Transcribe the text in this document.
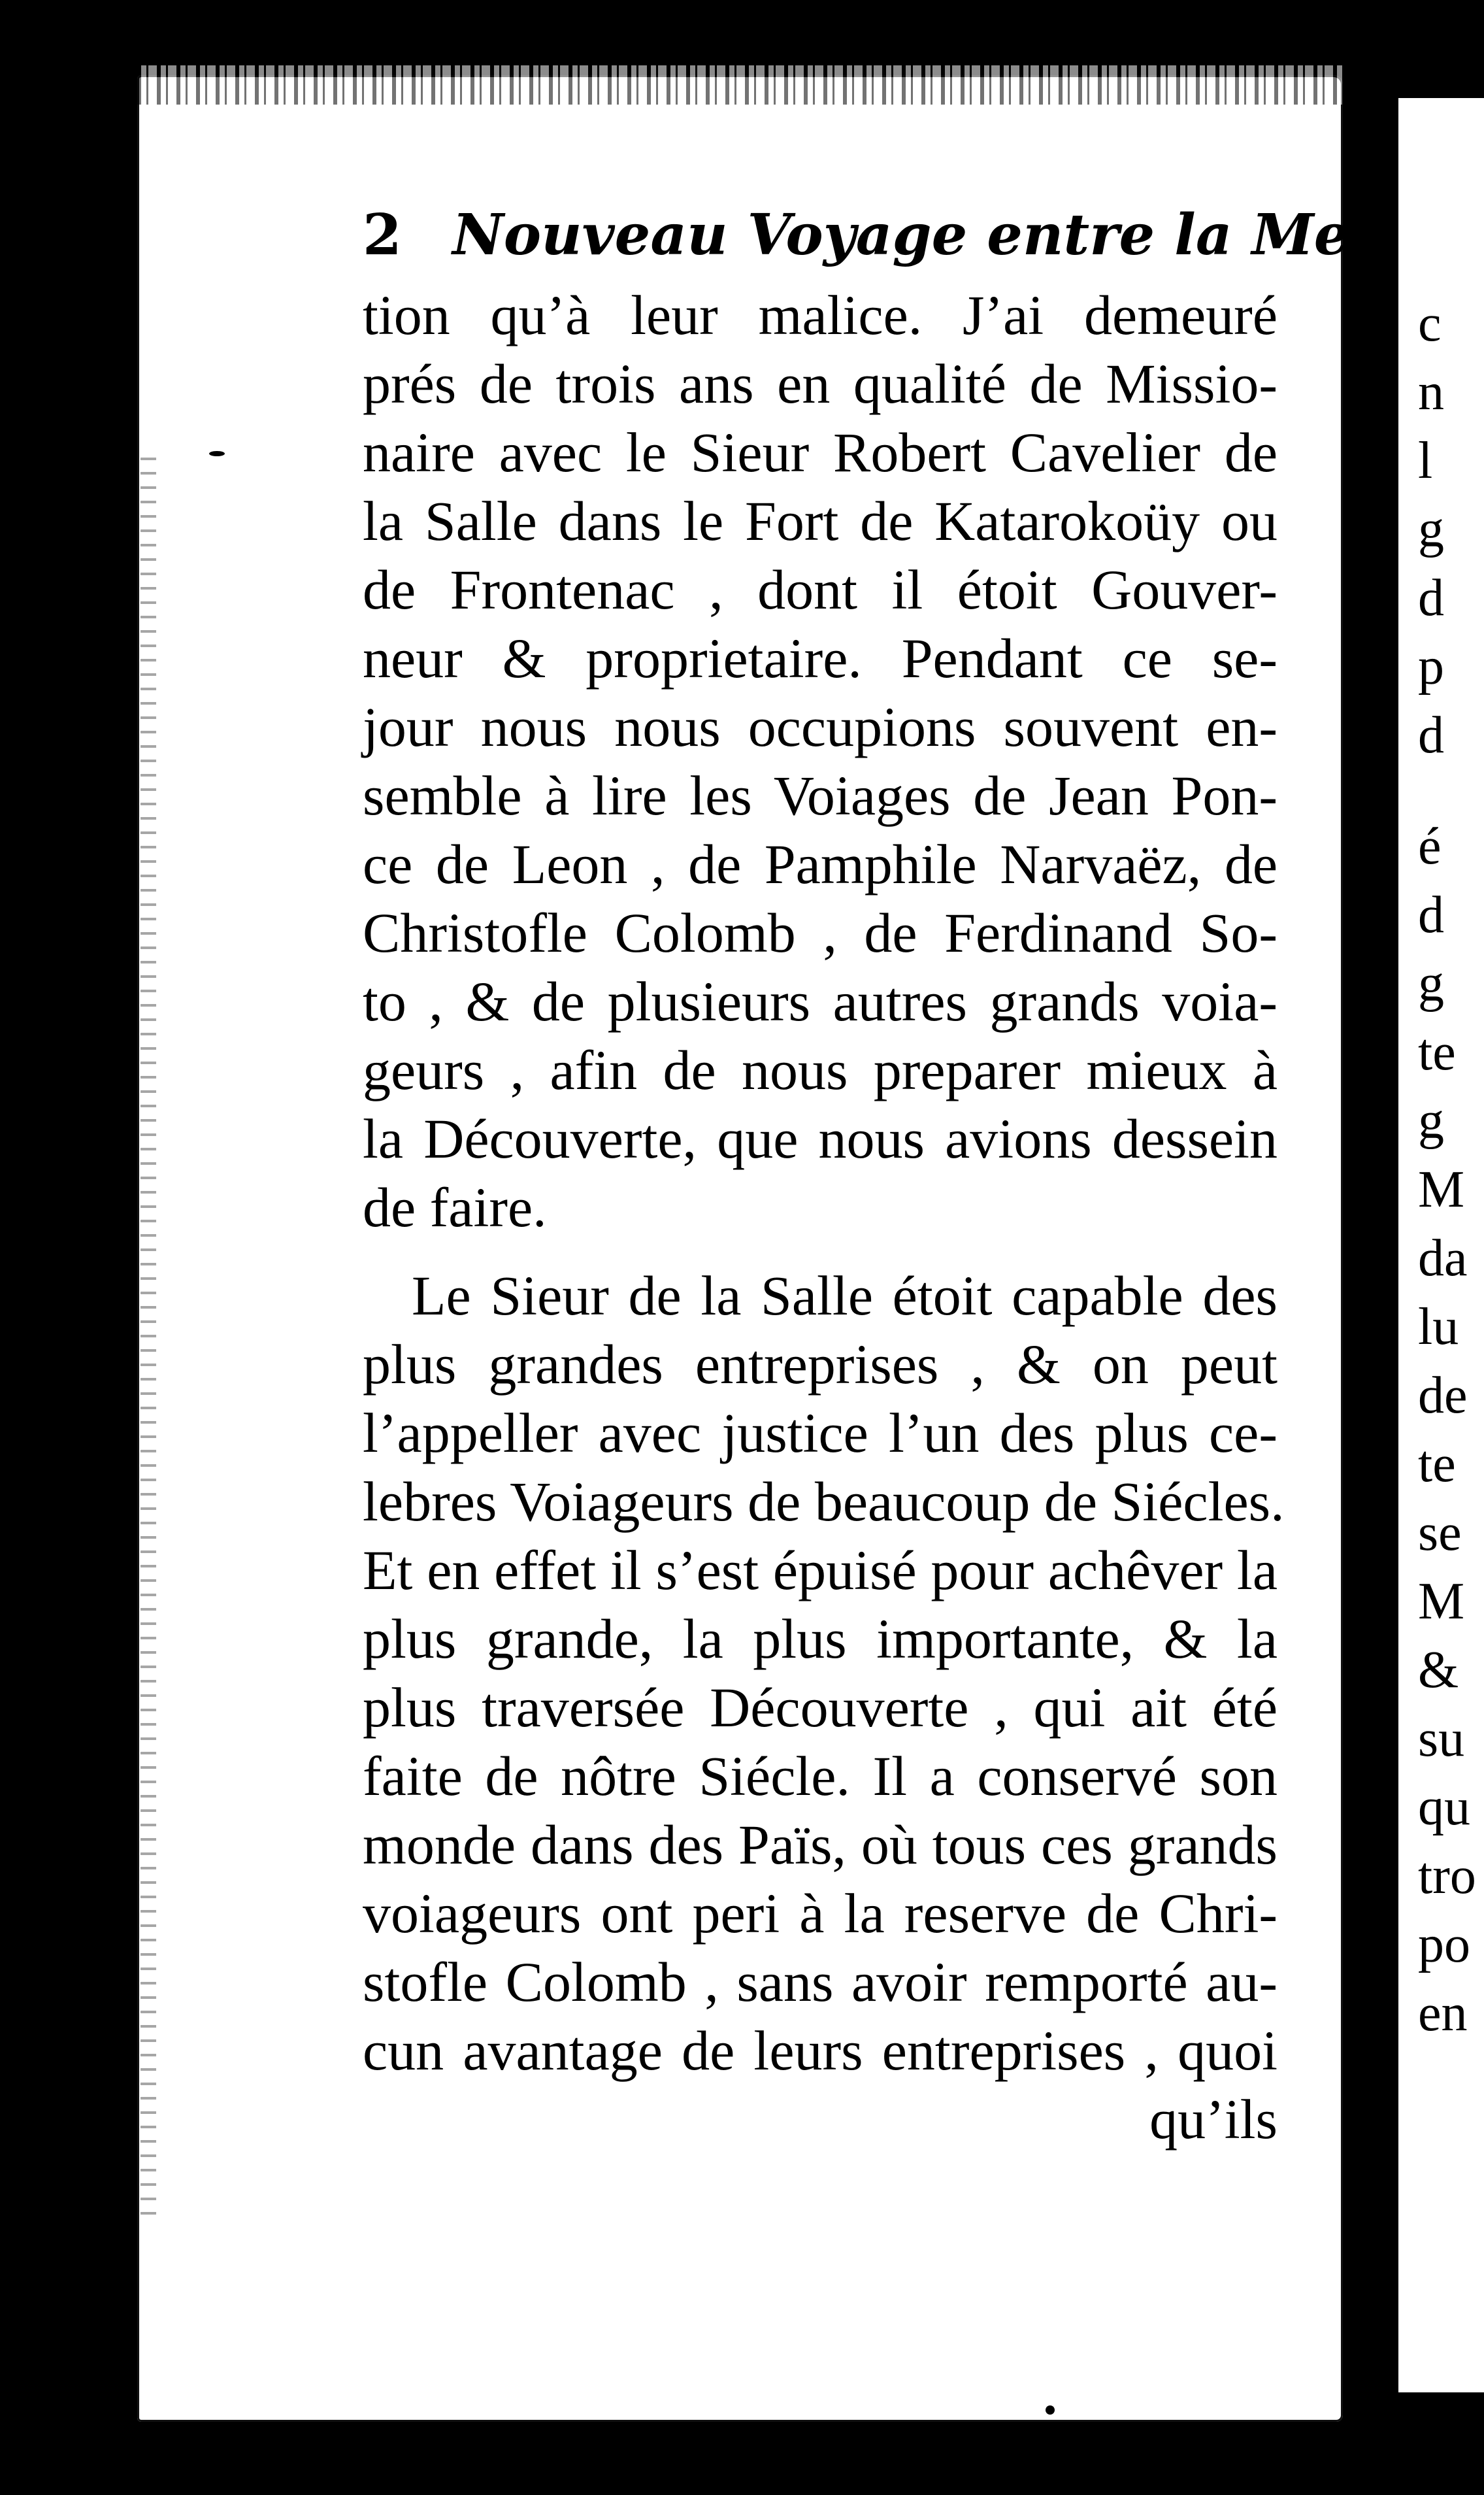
c
n
l
g
d
p
d
é
d
g
te
g
M
da
lu
de
te
se
M
&
su
qu
tro
po
en
2 Nouveau Voyage entre la Mer
tion qu’à leur malice. J’ai demeuré
prés de trois ans en qualité de Missio-
naire avec le Sieur Robert Cavelier de
la Salle dans le Fort de Katarokoüy ou
de Frontenac , dont il étoit Gouver-
neur & proprietaire. Pendant ce se-
jour nous nous occupions souvent en-
semble à lire les Voiages de Jean Pon-
ce de Leon , de Pamphile Narvaëz, de
Christofle Colomb , de Ferdinand So-
to , & de plusieurs autres grands voia-
geurs , afin de nous preparer mieux à
la Découverte, que nous avions dessein
de faire.
Le Sieur de la Salle étoit capable des
plus grandes entreprises , & on peut
l’appeller avec justice l’un des plus ce-
lebres Voiageurs de beaucoup de Siécles.
Et en effet il s’est épuisé pour achêver la
plus grande, la plus importante, & la
plus traversée Découverte , qui ait été
faite de nôtre Siécle. Il a conservé son
monde dans des Païs, où tous ces grands
voiageurs ont peri à la reserve de Chri-
stofle Colomb , sans avoir remporté au-
cun avantage de leurs entreprises , quoi
qu’ils
